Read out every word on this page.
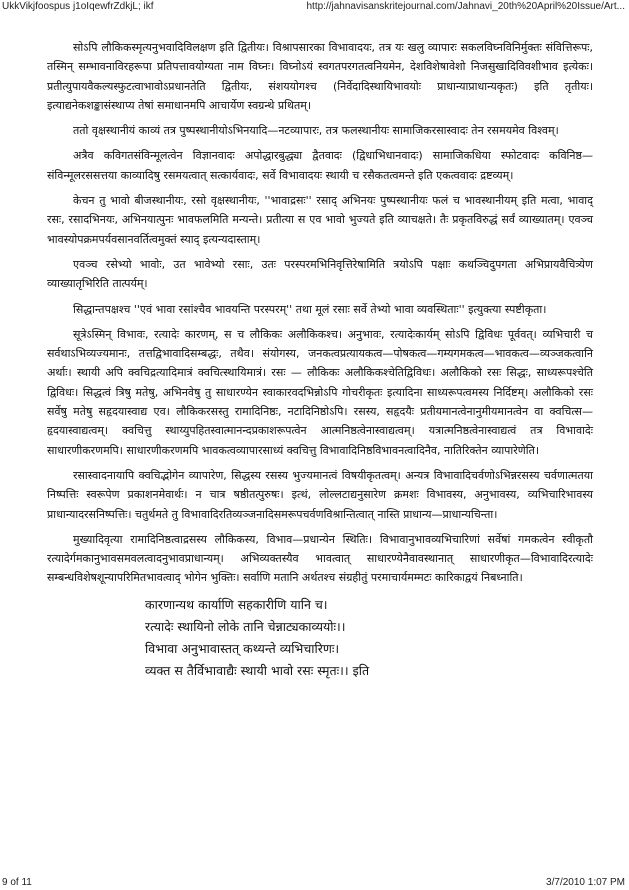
UkkVikjfoospus j1oIqewfrZdkjL; ikf	http://jahnavisanskritejournal.com/Jahnavi_20th%20April%20Issue/Art...

सोऽपि लौकिकस्मृत्यनुभवादिविलक्षण इति द्वितीयः। विश्रापसारका विभावादयः, तत्र यः खलु व्यापारः सकलविघ्नविनिर्मुक्तः संवित्तिरूपः, तस्मिन् सम्भावनाविरहरूपा प्रतिपत्तावयोग्यता नाम विघ्नः। विघ्नोऽयं स्वगतपरगतत्वनियमेन, देशविशेषावेशो निजसुखादिविवशीभाव इत्येकः। प्रतीत्युपायवैकल्यस्फुटत्वाभावोऽप्रधानतेति द्वितीयः, संशययोगश्च (निर्वेदादिस्थायिभावयोः प्राधान्याप्राधान्यकृतः) इति तृतीयः। इत्याद्यनेकशङ्कासंस्थाप्य तेषां समाधानमपि आचार्येण स्वग्रन्थे प्रथितम्।

ततो वृक्षस्थानीयं काव्यं तत्र पुष्पस्थानीयोऽभिनयादि—नटव्यापारः, तत्र फलस्थानीयः सामाजिकरसास्वादः तेन रसमयमेव विश्वम्।

अत्रैव कविगतसंविन्मूलत्वेन विज्ञानवादः अपोद्धारबुद्ध्या द्वैतवादः (द्विधाभिधानवादः) सामाजिकधिया स्फोटवादः कविनिष्ठ— संविन्मूलरससत्तया काव्यादिषु रसमयत्वात् सत्कार्यवादः, सर्वे विभावादयः स्थायी च रसैकतत्वमन्ते इति एकत्ववादः द्रष्टव्यम्।

केचन तु भावो बीजस्थानीयः, रसो वृक्षस्थानीयः, ''भावाद्रसः'' रसाद् अभिनयः पुष्पस्थानीयः फलं च भावस्थानीयम् इति मत्वा, भावाद् रसः, रसादभिनयः, अभिनयात्पुनः भावफलमिति मन्यन्ते। प्रतीत्या स एव भावो भुज्यते इति व्याचक्षते। तैः प्रकृतविरुद्धं सर्वं व्याख्यातम्। एवञ्च भावस्योपक्रमपर्यवसानवर्तित्वमुक्तं स्याद् इत्यन्यदास्ताम्।

एवञ्च रसेभ्यो भावोः, उत भावेभ्यो रसाः, उतः परस्परमभिनिवृत्तिरेषामिति त्रयोऽपि पक्षाः कथञ्चिदुपगता अभिप्रायवैचित्र्येण व्याख्यातृभिरिति तात्पर्यम्।

सिद्धान्तपक्षश्च ''एवं भावा रसांश्चैव भावयन्ति परस्परम्'' तथा मूलं रसाः सर्वे तेभ्यो भावा व्यवस्थिताः'' इत्युक्त्या स्पष्टीकृता।

सूत्रेऽस्मिन् विभावः, रत्यादेः कारणम्, स च लौकिकः अलौकिकश्च। अनुभावः, रत्यादेःकार्यम् सोऽपि द्विविधः पूर्ववत्। व्यभिचारी च सर्वथाऽभिव्यज्यमानः, तत्तद्विभावादिसम्बद्धः, तथैव। संयोगस्य, जनकत्वप्रत्यायकत्व—पोषकत्व—गम्यगमकत्व—भावकत्व—व्यञ्जकत्वानि अर्थाः। स्थायी अपि क्वचिद्रत्यादिमात्रं क्वचित्स्थायिमात्रं। रसः — लौकिकः अलौकिकश्चेतिद्विविधः। अलौकिको रसः सिद्धः, साध्यरूपश्चेति द्विविधः। सिद्धत्वं त्रिषु मतेषु, अभिनवेषु तु साधारण्येन स्वाकारवदभिन्नोऽपि गोचरीकृतः इत्यादिना साध्यरूपत्वमस्य निर्दिष्टम्। अलौकिको रसः सर्वेषु मतेषु सहृदयास्वाद्य एव। लौकिकरसस्तु रामादिनिष्ठः, नटादिनिष्ठोऽपि। रसस्य, सहृदयैः प्रतीयमानत्वेनानुमीयमानत्वेन वा क्वचित्स— हृदयास्वाद्यत्वम्। क्वचित्तु स्थाय्युपहितस्वात्मानन्दप्रकाशरूपत्वेन आत्मनिष्ठत्वेनास्वाद्यत्वम्। यत्रात्मनिष्ठत्वेनास्वाद्यत्वं तत्र विभावादेः साधारणीकरणमपि। साधारणीकरणमपि भावकत्वव्यापारसाध्यं क्वचित्तु विभावादिनिष्ठविभावनत्वादिनैव, नातिरिक्तेन व्यापारेणेति।

रसास्वादनायापि क्वचिद्भोगेन व्यापारेण, सिद्धस्य रसस्य भुज्यमानत्वं विषयीकृतत्वम्। अन्यत्र विभावादिचर्वणोऽभिन्नरसस्य चर्वणात्मतया निष्पत्तिः स्वरूपेण प्रकाशनमेवार्थः। न चात्र षष्ठीतत्पुरुषः। इत्थं, लोल्लटाद्यनुसारेण क्रमशः विभावस्य, अनुभावस्य, व्यभिचारिभावस्य प्राधान्यादरसनिष्पत्तिः। चतुर्थमते तु विभावादिरतिव्यञ्जनादिसमरूपचर्वणविश्रान्तित्वात् नास्ति प्राधान्य—प्राधान्यचिन्ता।

मुख्यादिवृत्या रामादिनिष्ठत्वाद्रसस्य लौकिकस्य, विभाव—प्रधान्येन स्थितिः। विभावानुभावव्यभिचारिणां सर्वेषां गमकत्वेन स्वीकृतौ रत्यादेर्गमकानुभावसमवलत्वादनुभावप्राधान्यम्। अभिव्यक्तस्यैव भावत्वात् साधारण्येनैवावस्थानात् साधारणीकृत—विभावादिरत्यादेः सम्बन्धविशेषशून्यापरिमितभावत्वाद् भोगेन भुक्तिः। सर्वाणि मतानि अर्थतश्च संग्रहीतुं परमाचार्यमम्मटः कारिकाद्वयं निबध्नाति।

कारणान्यथ कार्याणि सहकारीणि यानि च।
रत्यादेः स्थायिनो लोके तानि चेन्नाट्यकाव्ययोः।।
विभावा अनुभावास्तत् कथ्यन्ते व्यभिचारिणः।
व्यक्त स तैर्विभावाद्यैः स्थायी भावो रसः स्मृतः।। इति
9 of 11	3/7/2010 1:07 PM
